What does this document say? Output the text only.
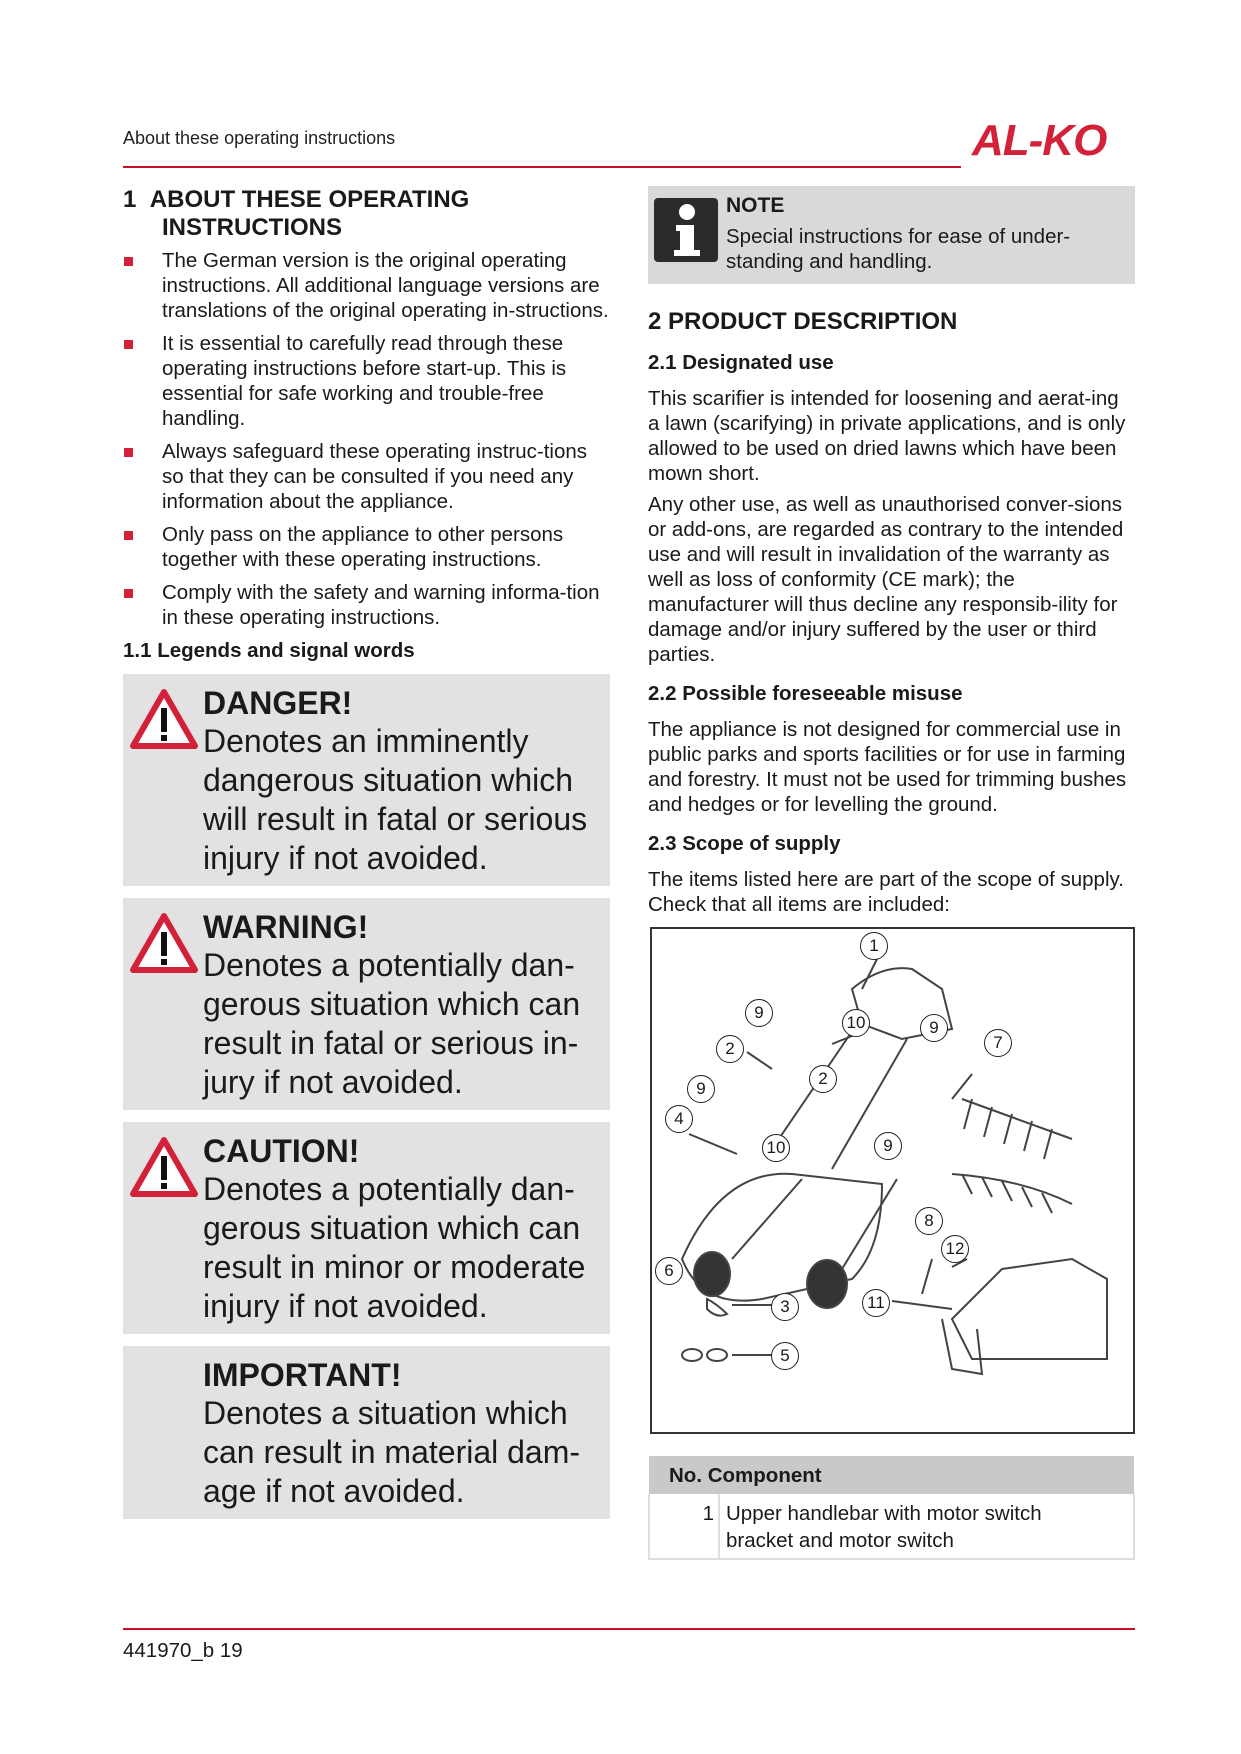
About these operating instructions	AL-KO
1 ABOUT THESE OPERATING
INSTRUCTIONS
The German version is the original operating instructions. All additional language versions are translations of the original operating in-structions.
It is essential to carefully read through these operating instructions before start-up. This is essential for safe working and trouble-free handling.
Always safeguard these operating instruc-tions so that they can be consulted if you need any information about the appliance.
Only pass on the appliance to other persons together with these operating instructions.
Comply with the safety and warning informa-tion in these operating instructions.
1.1 Legends and signal words
DANGER!
Denotes an imminently dangerous situation which will result in fatal or serious injury if not avoided.
WARNING!
Denotes a potentially dan-gerous situation which can result in fatal or serious in-jury if not avoided.
CAUTION!
Denotes a potentially dan-gerous situation which can result in minor or moderate injury if not avoided.
IMPORTANT!
Denotes a situation which can result in material dam-age if not avoided.
NOTE
Special instructions for ease of under-standing and handling.
2 PRODUCT DESCRIPTION
2.1 Designated use

This scarifier is intended for loosening and aerat-ing a lawn (scarifying) in private applications, and is only allowed to be used on dried lawns which have been mown short.

Any other use, as well as unauthorised conver-sions or add-ons, are regarded as contrary to the intended use and will result in invalidation of the warranty as well as loss of conformity (CE mark); the manufacturer will thus decline any responsib-ility for damage and/or injury suffered by the user or third parties.

2.2 Possible foreseeable misuse

The appliance is not designed for commercial use in public parks and sports facilities or for use in farming and forestry. It must not be used for trimming bushes and hedges or for levelling the ground.

2.3 Scope of supply

The items listed here are part of the scope of supply. Check that all items are included:

1
9
10	9
2	7
2
9
4
9
10
8
12
6
3	11
5
No. Component
1	Upper handlebar with motor switch
bracket and motor switch
441970_b 19
